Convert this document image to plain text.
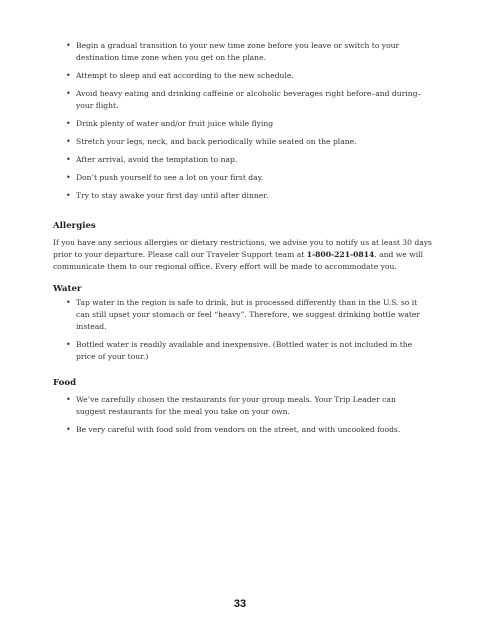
• Begin a gradual transition to your new time zone before you leave or switch to your destination time zone when you get on the plane.
• Attempt to sleep and eat according to the new schedule.
• Avoid heavy eating and drinking caffeine or alcoholic beverages right before–and during–your flight.
• Drink plenty of water and/or fruit juice while flying
• Stretch your legs, neck, and back periodically while seated on the plane.
• After arrival, avoid the temptation to nap.
• Don’t push yourself to see a lot on your first day.
• Try to stay awake your first day until after dinner.
Allergies

If you have any serious allergies or dietary restrictions, we advise you to notify us at least 30 days prior to your departure. Please call our Traveler Support team at 1-800-221-0814, and we will communicate them to our regional office. Every effort will be made to accommodate you.

Water
• Tap water in the region is safe to drink, but is processed differently than in the U.S. so it can still upset your stomach or feel “heavy”. Therefore, we suggest drinking bottle water instead.
• Bottled water is readily available and inexpensive. (Bottled water is not included in the price of your tour.)
Food
• We’ve carefully chosen the restaurants for your group meals. Your Trip Leader can suggest restaurants for the meal you take on your own.
• Be very careful with food sold from vendors on the street, and with uncooked foods.
33
